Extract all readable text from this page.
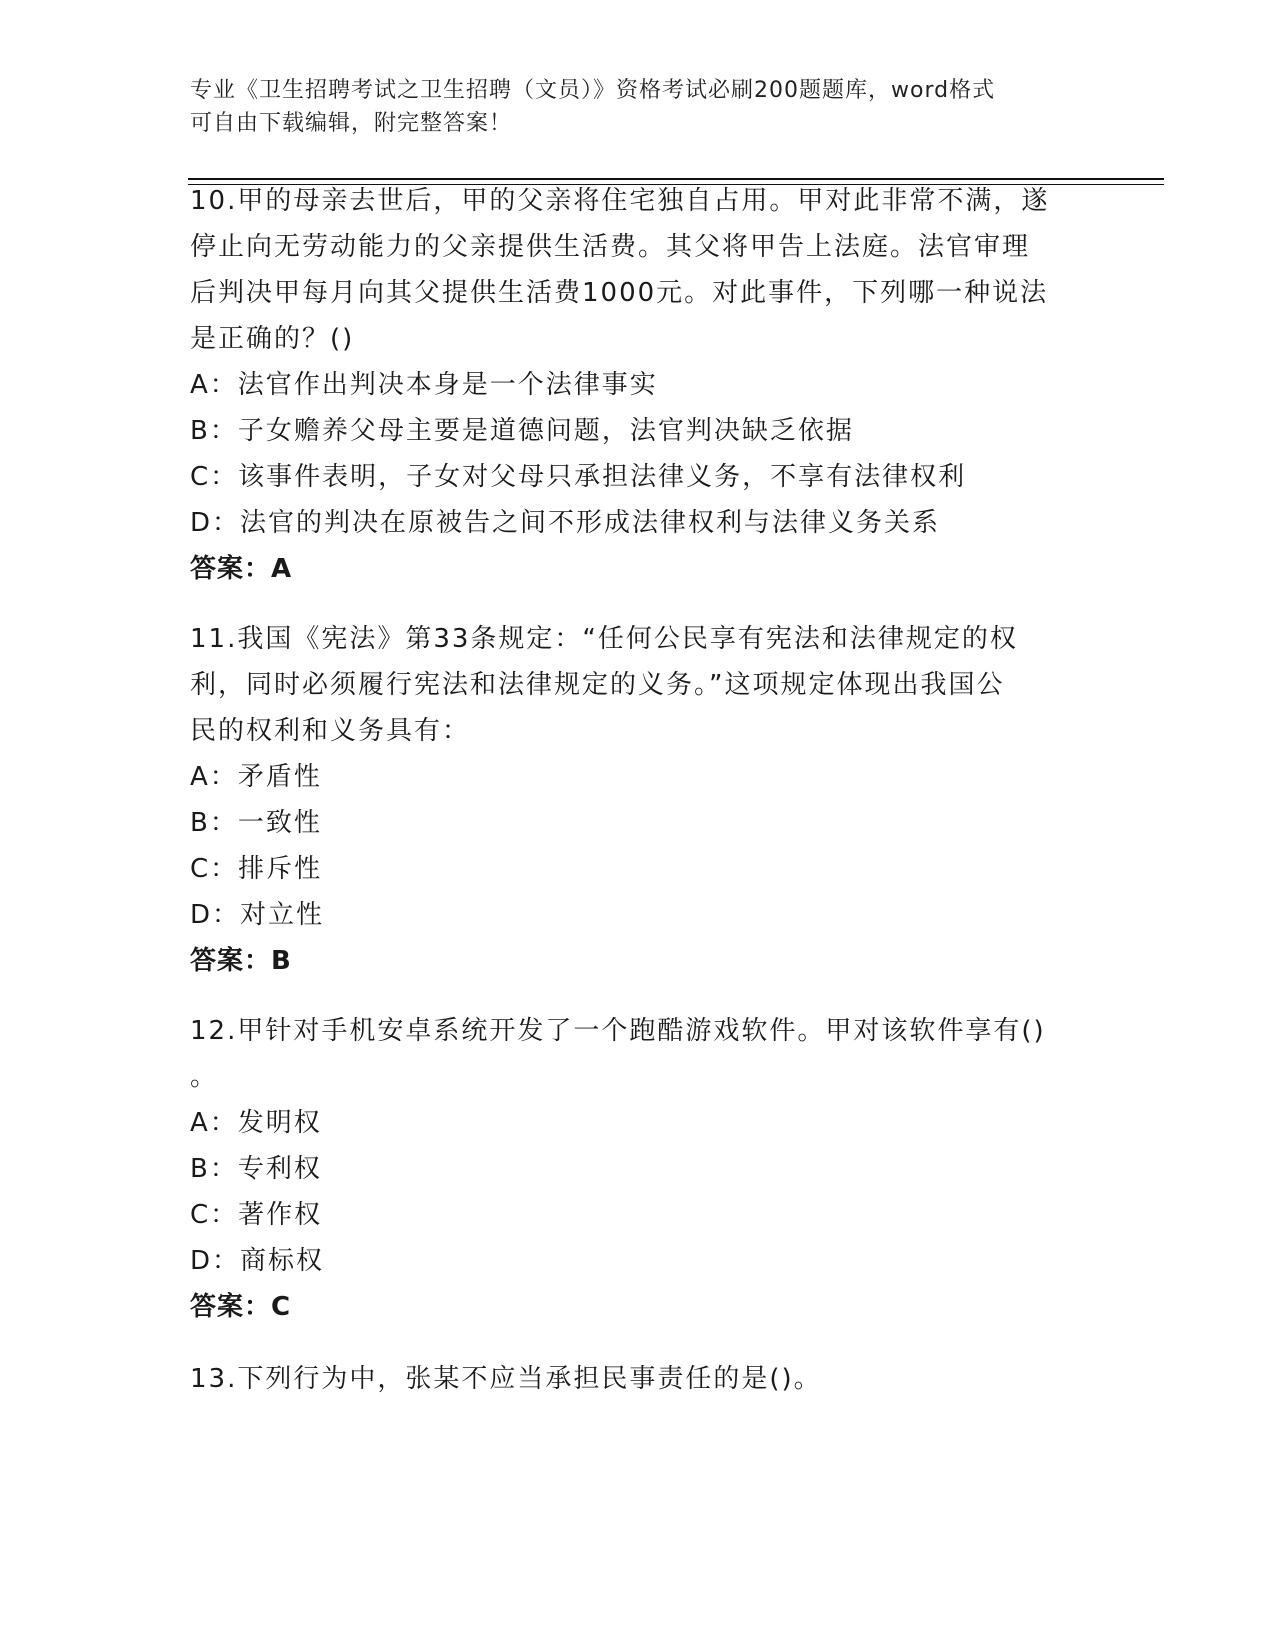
专业《卫生招聘考试之卫生招聘（文员）》资格考试必刷200题题库，word格式
可自由下载编辑，附完整答案！
10.甲的母亲去世后，甲的父亲将住宅独自占用。甲对此非常不满，遂
停止向无劳动能力的父亲提供生活费。其父将甲告上法庭。法官审理
后判决甲每月向其父提供生活费1000元。对此事件，下列哪一种说法
是正确的？()
A：法官作出判决本身是一个法律事实
B：子女赡养父母主要是道德问题，法官判决缺乏依据
C：该事件表明，子女对父母只承担法律义务，不享有法律权利
D：法官的判决在原被告之间不形成法律权利与法律义务关系
答案：A
11.我国《宪法》第33条规定：“任何公民享有宪法和法律规定的权
利，同时必须履行宪法和法律规定的义务。”这项规定体现出我国公
民的权利和义务具有：
A：矛盾性
B：一致性
C：排斥性
D：对立性
答案：B
12.甲针对手机安卓系统开发了一个跑酷游戏软件。甲对该软件享有()
。
A：发明权
B：专利权
C：著作权
D：商标权
答案：C
13.下列行为中，张某不应当承担民事责任的是()。
